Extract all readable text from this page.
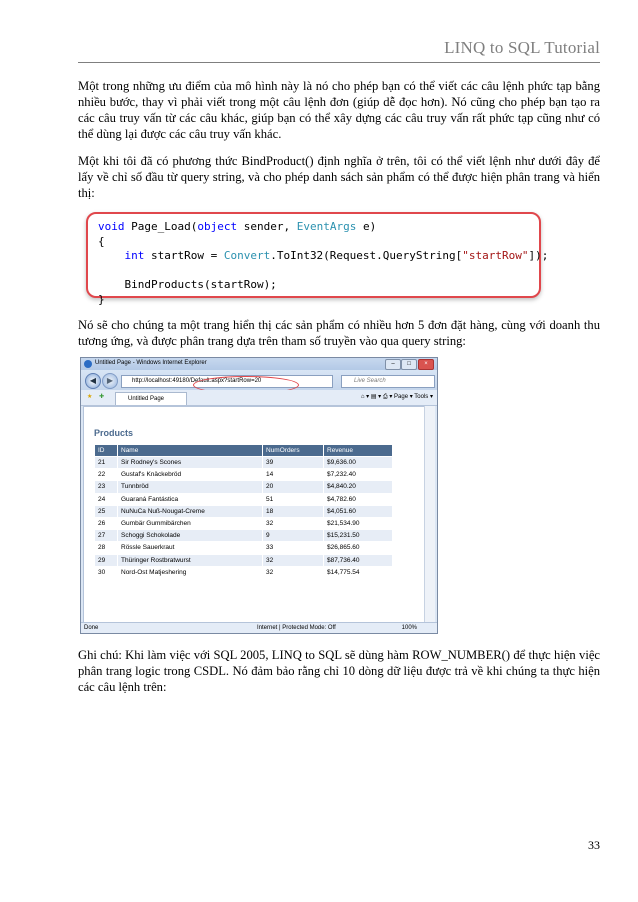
LINQ to SQL Tutorial

Một trong những ưu điểm của mô hình này là nó cho phép bạn có thể viết các câu lệnh phức tạp bằng nhiều bước, thay vì phải viết trong một câu lệnh đơn (giúp dễ đọc hơn). Nó cũng cho phép bạn tạo ra các câu truy vấn từ các câu khác, giúp bạn có thể xây dựng các câu truy vấn rất phức tạp cũng như có thể dùng lại được các câu truy vấn khác.

Một khi tôi đã có phương thức BindProduct() định nghĩa ở trên, tôi có thể viết lệnh như dưới đây để lấy về chỉ số đầu từ query string, và cho phép danh sách sản phẩm có thể được hiện phân trang và hiển thị:

void Page_Load(object sender, EventArgs e)
{
int startRow = Convert.ToInt32(Request.QueryString["startRow"]);

BindProducts(startRow);
}

Nó sẽ cho chúng ta một trang hiển thị các sản phẩm có nhiều hơn 5 đơn đặt hàng, cùng với doanh thu tương ứng, và được phân trang dựa trên tham số truyền vào qua query string:

Untitled Page - Windows Internet Explorer	–	□	×
◀	▶	http://localhost:49180/Default.aspx?startRow=20	Live Search
★ ✚	Untitled Page	⌂ ▾ ▤ ▾ ⎙ ▾ Page ▾ Tools ▾
Products
ID	Name	NumOrders	Revenue
21	Sir Rodney's Scones	39	$9,636.00
22	Gustaf's Knäckebröd	14	$7,232.40
23	Tunnbröd	20	$4,840.20
24	Guaraná Fantástica	51	$4,782.60
25	NuNuCa Nuß-Nougat-Creme	18	$4,051.60
26	Gumbär Gummibärchen	32	$21,534.90
27	Schoggi Schokolade	9	$15,231.50
28	Rössle Sauerkraut	33	$26,865.60
29	Thüringer Rostbratwurst	32	$87,736.40
30	Nord-Ost Matjeshering	32	$14,775.54
Done	Internet | Protected Mode: Off	100%

Ghi chú: Khi làm việc với SQL 2005, LINQ to SQL sẽ dùng hàm ROW_NUMBER() để thực hiện việc phân trang logic trong CSDL. Nó đảm bảo rằng chỉ 10 dòng dữ liệu được trả về khi chúng ta thực hiện các câu lệnh trên:

33
